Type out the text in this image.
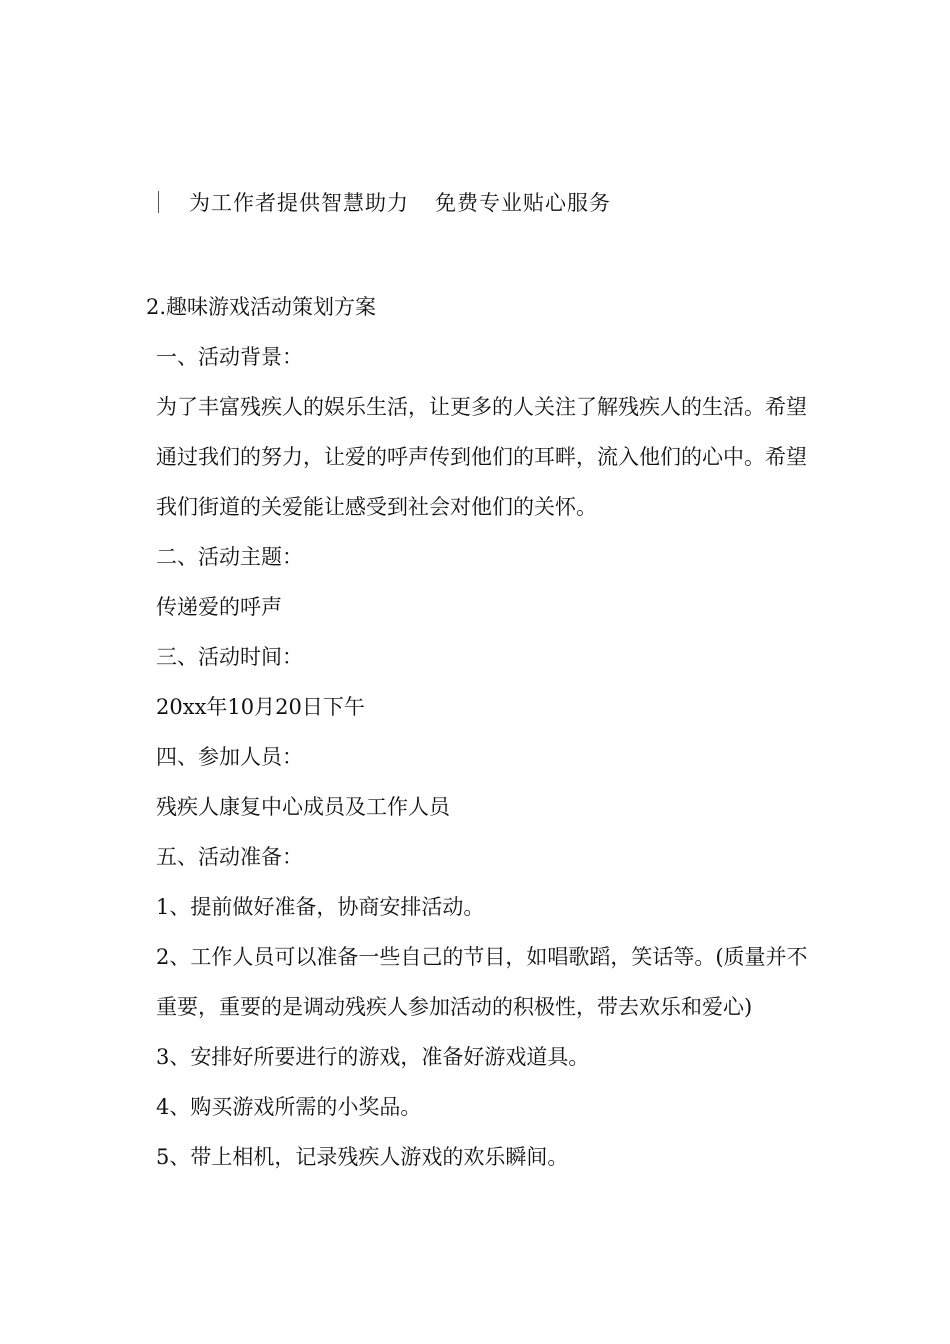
为工作者提供智慧助力 免费专业贴心服务

2.趣味游戏活动策划方案

一、活动背景：

为了丰富残疾人的娱乐生活，让更多的人关注了解残疾人的生活。希望通过我们的努力，让爱的呼声传到他们的耳畔，流入他们的心中。希望我们街道的关爱能让感受到社会对他们的关怀。

二、活动主题：

传递爱的呼声

三、活动时间：

20xx年10月20日下午

四、参加人员：

残疾人康复中心成员及工作人员

五、活动准备：

1、提前做好准备，协商安排活动。

2、工作人员可以准备一些自己的节目，如唱歌蹈，笑话等。(质量并不重要，重要的是调动残疾人参加活动的积极性，带去欢乐和爱心)

3、安排好所要进行的游戏，准备好游戏道具。

4、购买游戏所需的小奖品。

5、带上相机，记录残疾人游戏的欢乐瞬间。
